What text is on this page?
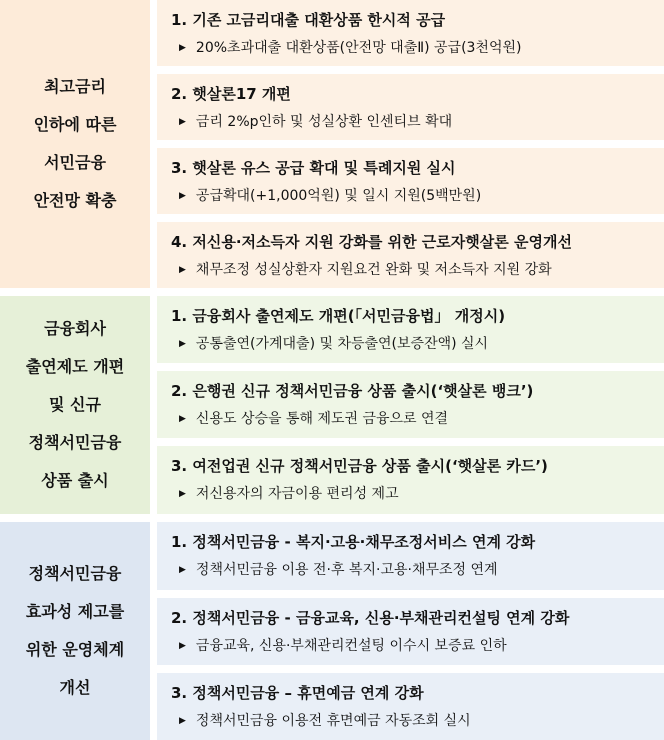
최고금리
인하에 따른
서민금융
안전망 확충
1. 기존 고금리대출 대환상품 한시적 공급
▶ 20%초과대출 대환상품(안전망 대출Ⅱ) 공급(3천억원)
2. 햇살론17 개편
▶ 금리 2%p인하 및 성실상환 인센티브 확대
3. 햇살론 유스 공급 확대 및 특례지원 실시
▶ 공급확대(+1,000억원) 및 일시 지원(5백만원)
4. 저신용·저소득자 지원 강화를 위한 근로자햇살론 운영개선
▶ 채무조정 성실상환자 지원요건 완화 및 저소득자 지원 강화
금융회사
출연제도 개편
및 신규
정책서민금융
상품 출시
1. 금융회사 출연제도 개편(「서민금융법」 개정시)
▶ 공통출연(가계대출) 및 차등출연(보증잔액) 실시
2. 은행권 신규 정책서민금융 상품 출시(‘햇살론 뱅크’)
▶ 신용도 상승을 통해 제도권 금융으로 연결
3. 여전업권 신규 정책서민금융 상품 출시(‘햇살론 카드’)
▶ 저신용자의 자금이용 편리성 제고
정책서민금융
효과성 제고를
위한 운영체계
개선
1. 정책서민금융 - 복지·고용·채무조정서비스 연계 강화
▶ 정책서민금융 이용 전·후 복지·고용·채무조정 연계
2. 정책서민금융 - 금융교육, 신용·부채관리컨설팅 연계 강화
▶ 금융교육, 신용·부채관리컨설팅 이수시 보증료 인하
3. 정책서민금융 – 휴면예금 연계 강화
▶ 정책서민금융 이용전 휴면예금 자동조회 실시
